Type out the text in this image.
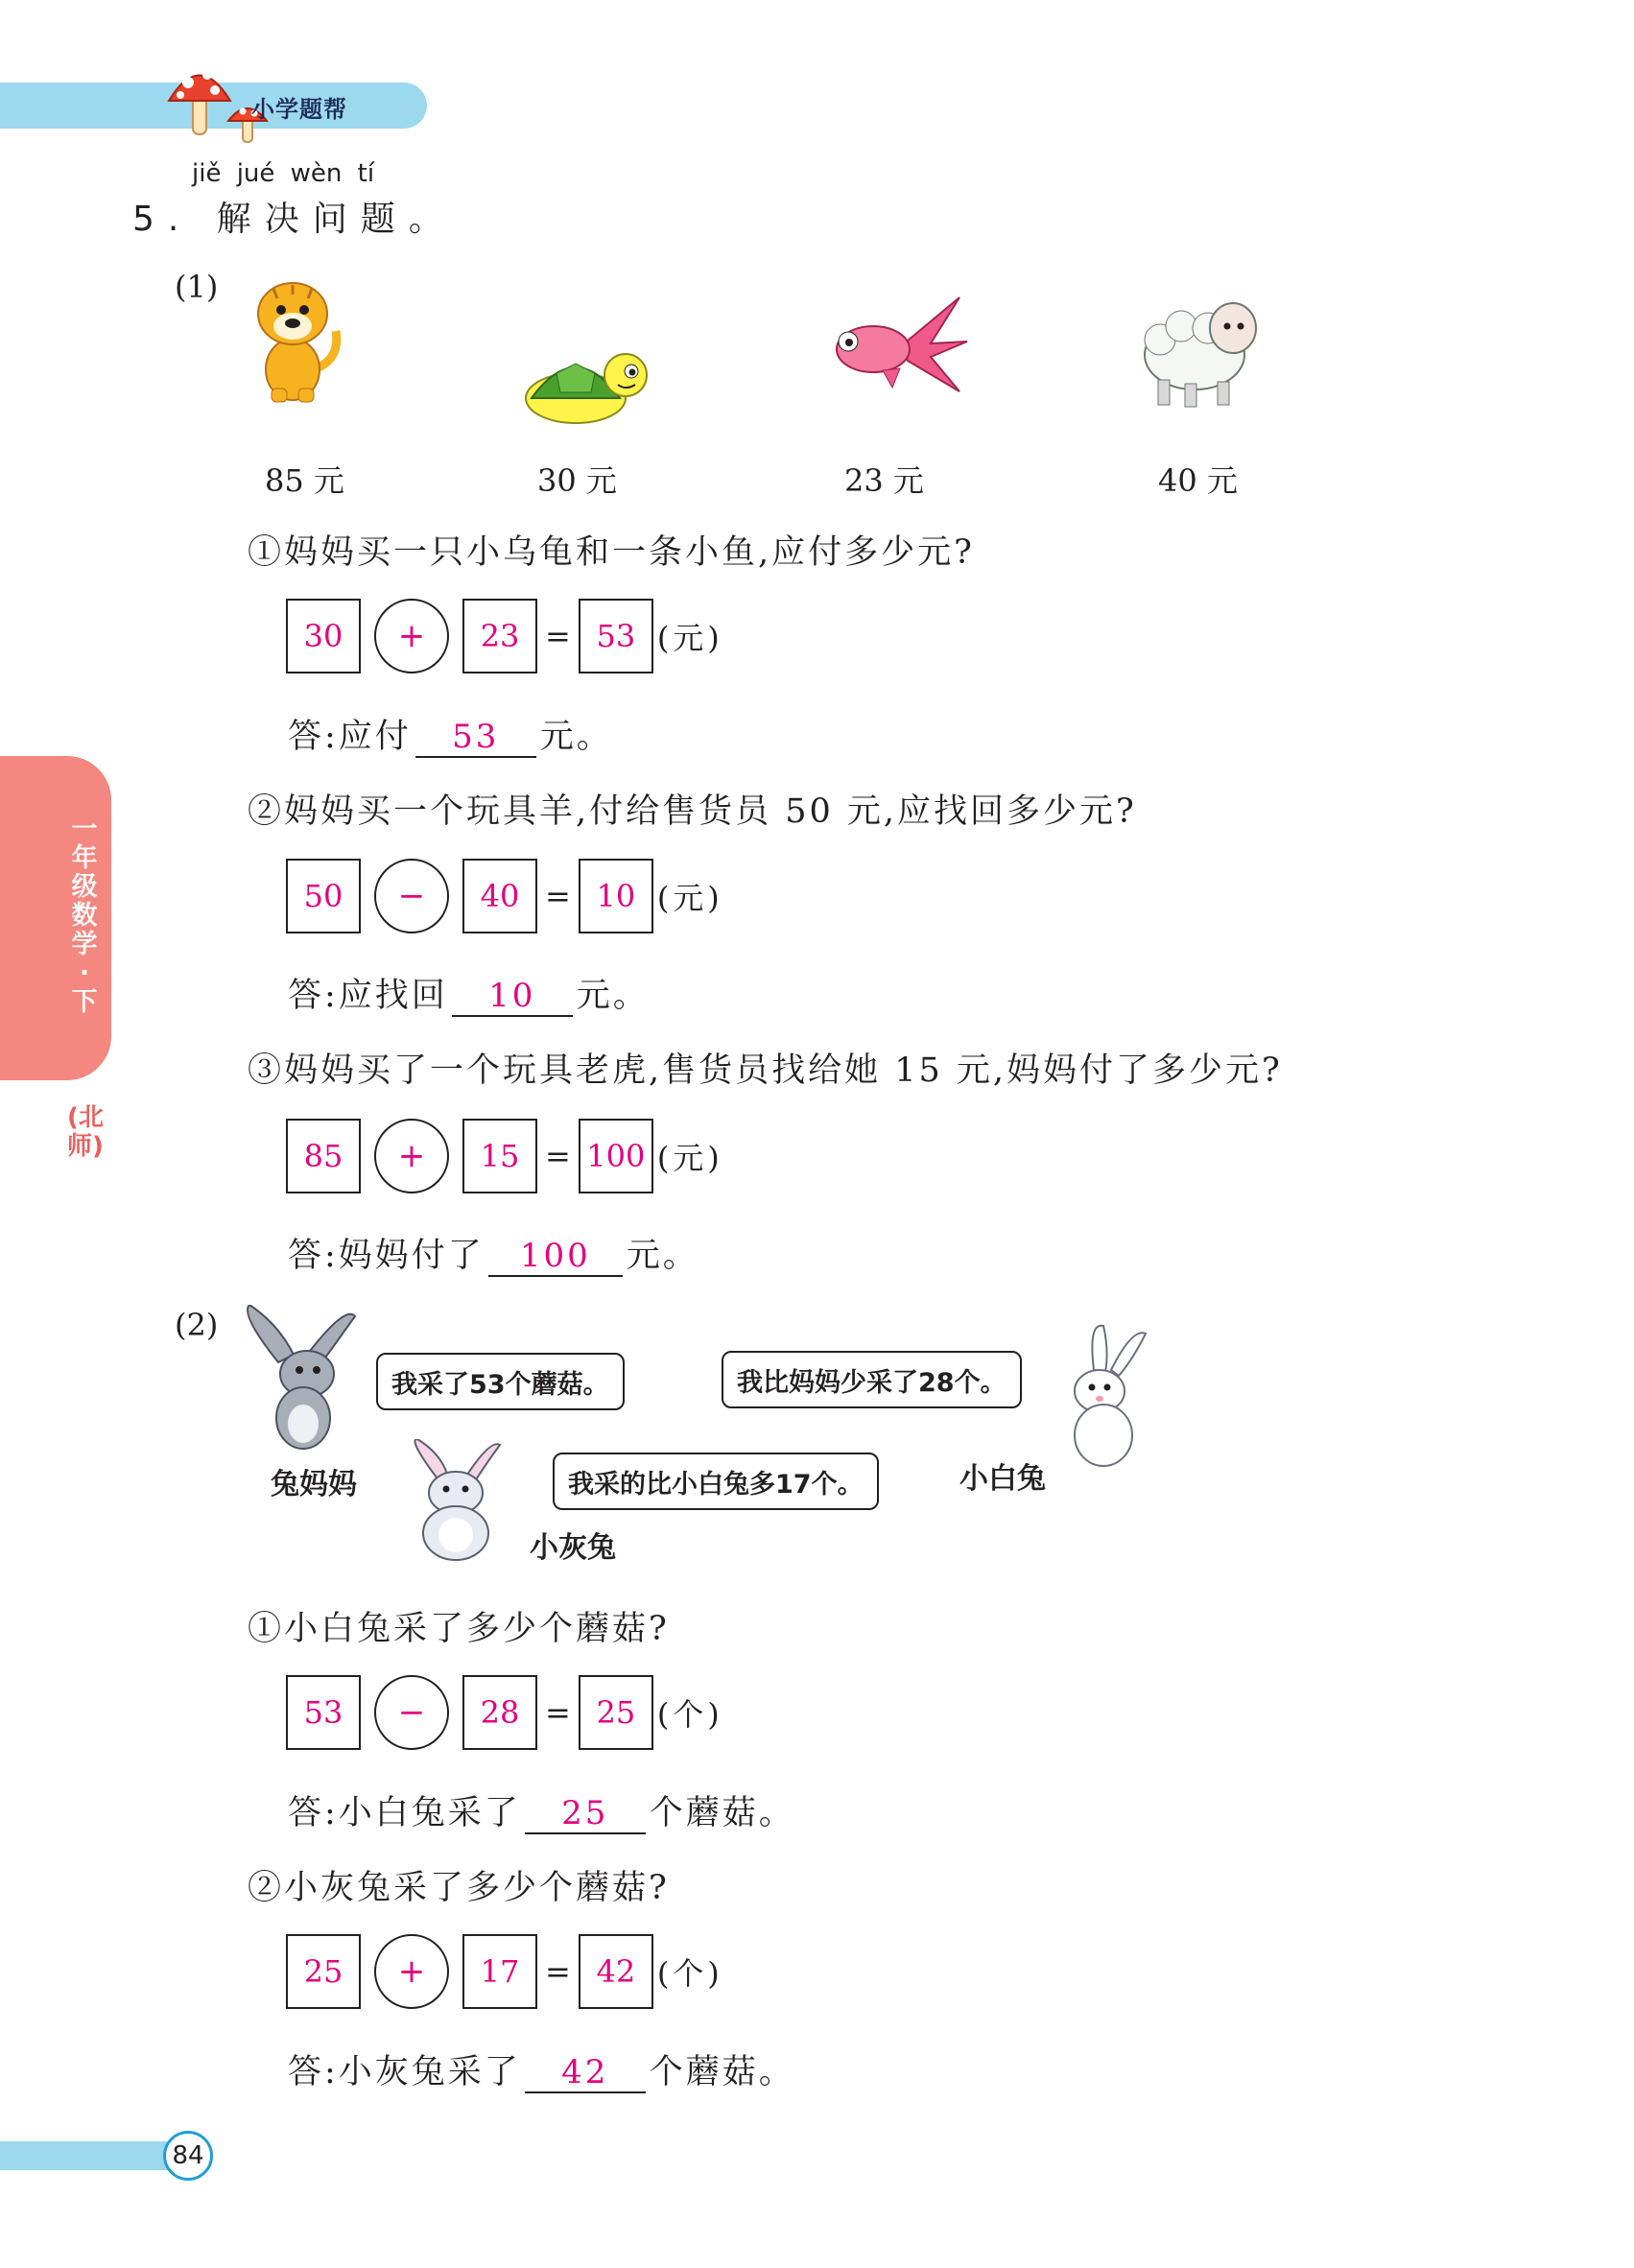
小学题帮
jiě jué wèn tí
5. 解决问题。
(1)
85 元	30 元	23 元	40 元
①妈妈买一只小乌龟和一条小鱼,应付多少元?
30	+	23 = 53 (元)
答:应付	53	元。
②妈妈买一个玩具羊,付给售货员 50 元,应找回多少元?
50	−	40 = 10 (元)
答:应找回	10	元。
③妈妈买了一个玩具老虎,售货员找给她 15 元,妈妈付了多少元?
85	+	15 = 100 (元)
答:妈妈付了	100	元。
(2)
我采了53个蘑菇。	我比妈妈少采了28个。
我采的比小白兔多17个。
兔妈妈	小白兔
小灰兔
①小白兔采了多少个蘑菇?
53	−	28 = 25 (个)
答:小白兔采了	25	个蘑菇。
②小灰兔采了多少个蘑菇?
25	+	17 = 42 (个)
答:小灰兔采了	42	个蘑菇。
一年级数学·下
(北师)
84
